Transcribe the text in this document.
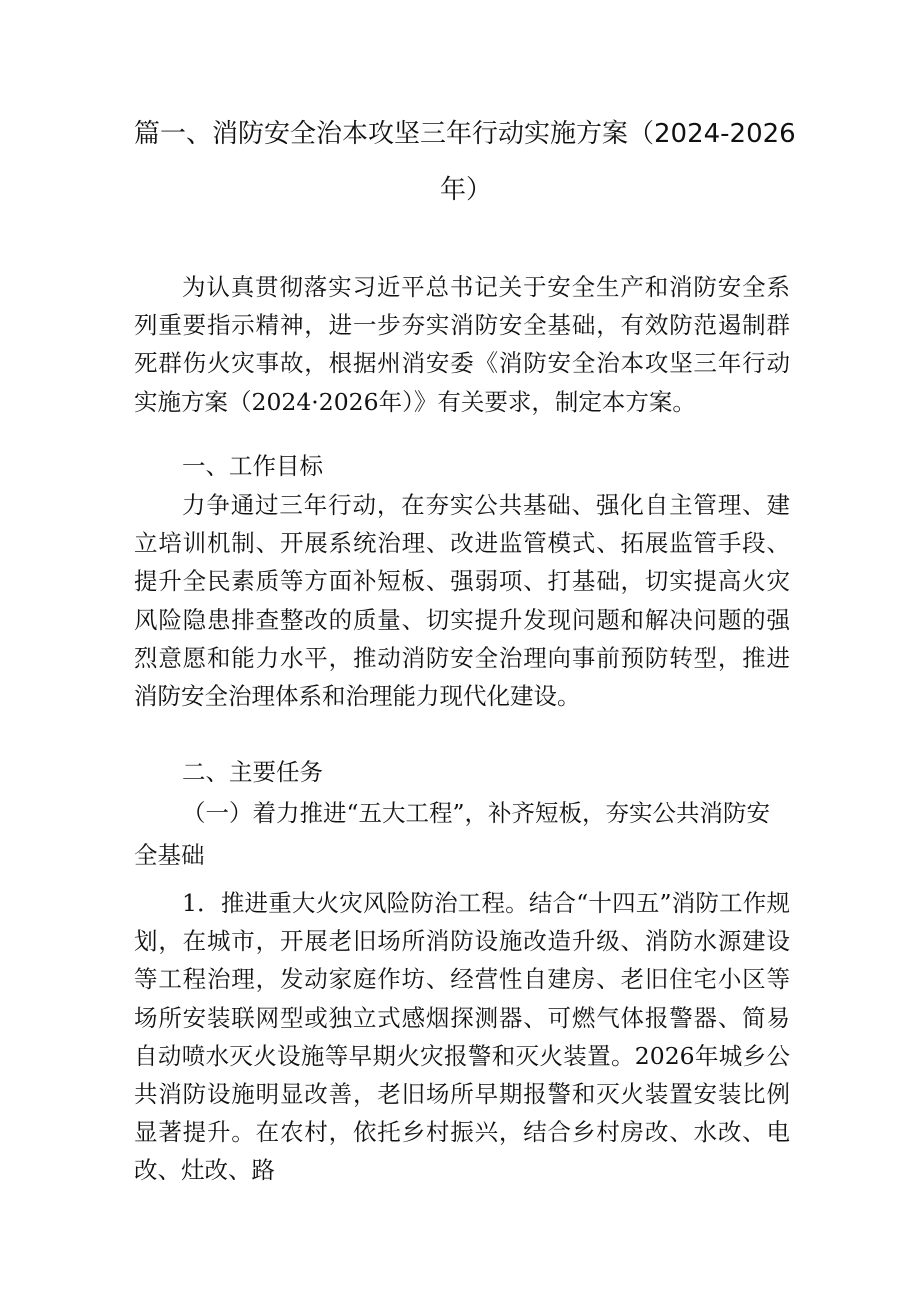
篇一、消防安全治本攻坚三年行动实施方案（2024-2026
年）
为认真贯彻落实习近平总书记关于安全生产和消防安全系列重要指示精神，进一步夯实消防安全基础，有效防范遏制群死群伤火灾事故，根据州消安委《消防安全治本攻坚三年行动实施方案（2024·2026年）》有关要求，制定本方案。
一、工作目标
力争通过三年行动，在夯实公共基础、强化自主管理、建立培训机制、开展系统治理、改进监管模式、拓展监管手段、提升全民素质等方面补短板、强弱项、打基础，切实提高火灾风险隐患排查整改的质量、切实提升发现问题和解决问题的强烈意愿和能力水平，推动消防安全治理向事前预防转型，推进消防安全治理体系和治理能力现代化建设。
二、主要任务
（一）着力推进“五大工程”，补齐短板，夯实公共消防安全基础
1．推进重大火灾风险防治工程。结合“十四五”消防工作规划，在城市，开展老旧场所消防设施改造升级、消防水源建设等工程治理，发动家庭作坊、经营性自建房、老旧住宅小区等场所安装联网型或独立式感烟探测器、可燃气体报警器、简易自动喷水灭火设施等早期火灾报警和灭火装置。2026年城乡公共消防设施明显改善，老旧场所早期报警和灭火装置安装比例显著提升。在农村，依托乡村振兴，结合乡村房改、水改、电改、灶改、路
